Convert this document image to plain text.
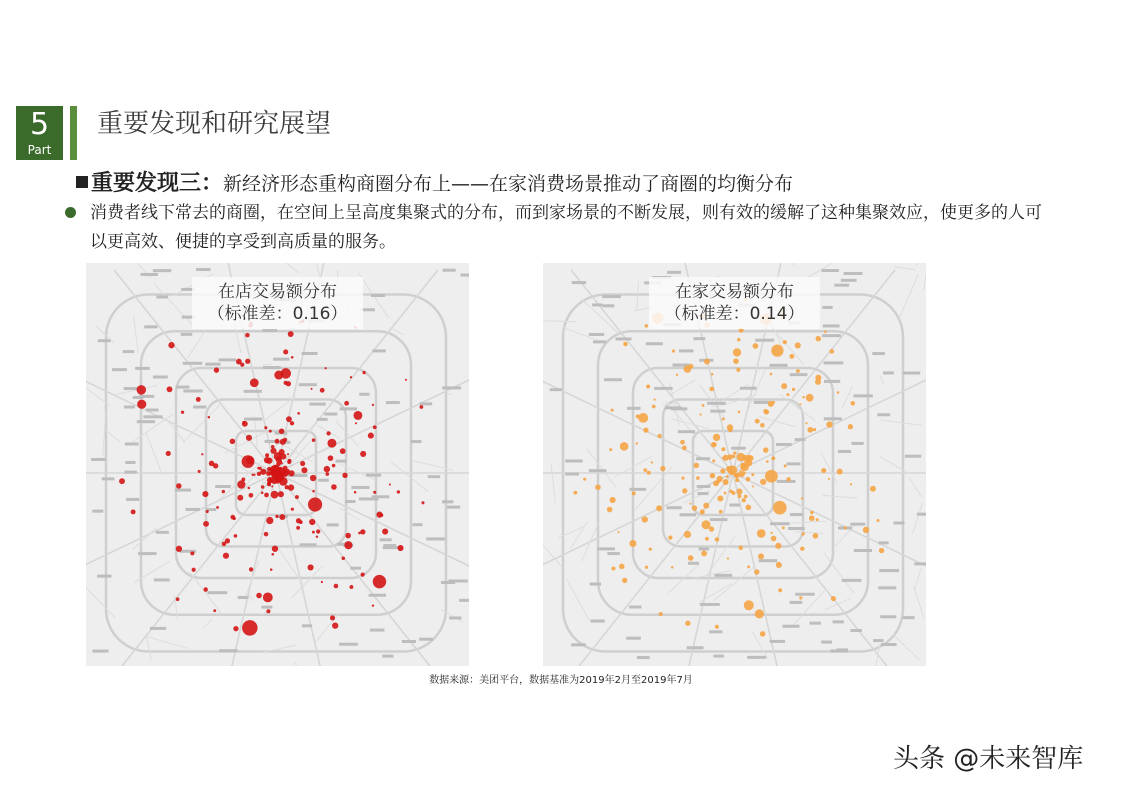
5
Part
重要发现和研究展望
重要发现三：新经济形态重构商圈分布上——在家消费场景推动了商圈的均衡分布
消费者线下常去的商圈，在空间上呈高度集聚式的分布，而到家场景的不断发展，则有效的缓解了这种集聚效应，使更多的人可以更高效、便捷的享受到高质量的服务。
在店交易额分布
（标准差：0.16）
在家交易额分布
（标准差：0.14）
数据来源：美团平台，数据基准为2019年2月至2019年7月
头条 @未来智库
